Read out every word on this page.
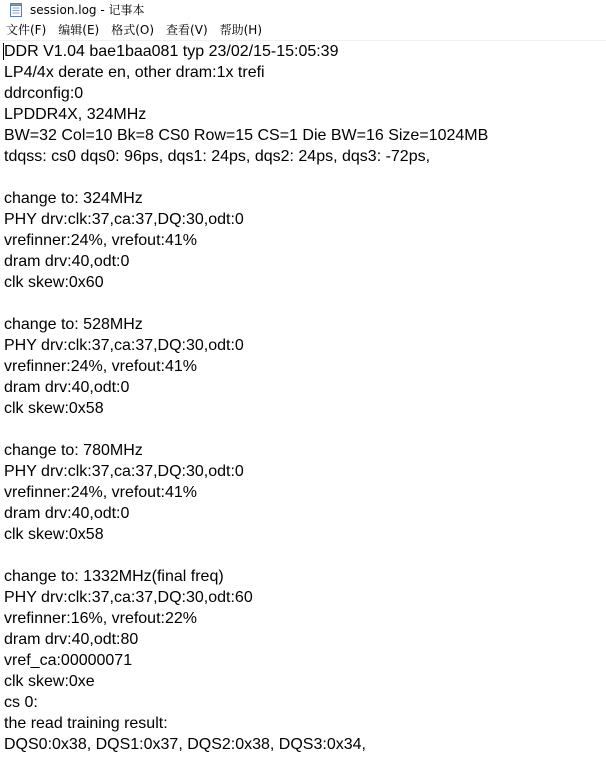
session.log - 记事本
文件(F)	编辑(E)	格式(O)	查看(V)	帮助(H)
DDR V1.04 bae1baa081 typ 23/02/15-15:05:39
LP4/4x derate en, other dram:1x trefi
ddrconfig:0
LPDDR4X, 324MHz
BW=32 Col=10 Bk=8 CS0 Row=15 CS=1 Die BW=16 Size=1024MB
tdqss: cs0 dqs0: 96ps, dqs1: 24ps, dqs2: 24ps, dqs3: -72ps,
change to: 324MHz
PHY drv:clk:37,ca:37,DQ:30,odt:0
vrefinner:24%, vrefout:41%
dram drv:40,odt:0
clk skew:0x60
change to: 528MHz
PHY drv:clk:37,ca:37,DQ:30,odt:0
vrefinner:24%, vrefout:41%
dram drv:40,odt:0
clk skew:0x58
change to: 780MHz
PHY drv:clk:37,ca:37,DQ:30,odt:0
vrefinner:24%, vrefout:41%
dram drv:40,odt:0
clk skew:0x58
change to: 1332MHz(final freq)
PHY drv:clk:37,ca:37,DQ:30,odt:60
vrefinner:16%, vrefout:22%
dram drv:40,odt:80
vref_ca:00000071
clk skew:0xe
cs 0:
the read training result:
DQS0:0x38, DQS1:0x37, DQS2:0x38, DQS3:0x34,
